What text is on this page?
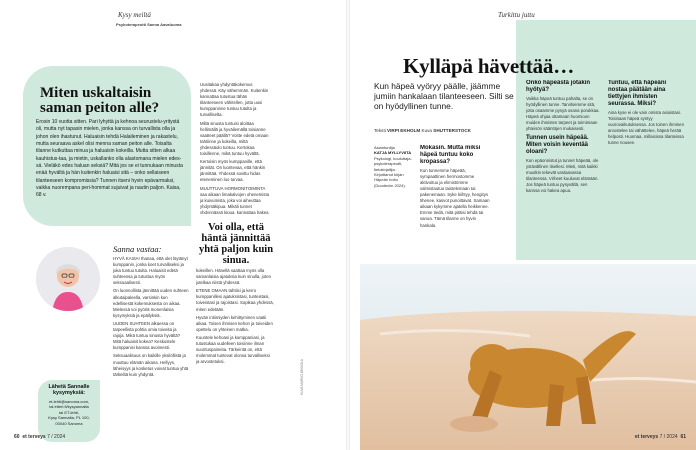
Kysy meiltä
Psykoterapeutti Sanna Aavaluoma
Miten uskaltaisin
saman peiton alle?
Erosin 10 vuotta sitten. Pari lyhyttä ja kehnoa seurustelu-yritystä oli, mutta nyt tapasin mielen, jonka kanssa on turvallista olla ja johon olen ihastunut. Haluaisin tehdä Halaileminen ja rakastelu, mutta seuraava askel olisi menna saman peiton alle. Toisalta tilanne kutkuttaa minua ja haluaisin kokeilla. Mutta sitten alkaa kauhistus-taa, ja mietin, uskallanko olla alastomana mielen edes-sä. Vieläkö edes haluan seksiä? Mitä jos se ei tunnukaan minusta enää hyvältä ja hän kuitenkin haluaisi sitä – onko sellaiseen tilanteeseen kompromissia? Tunnen itseni hyvin epävarmaksi, vaikka nuorempana peri-hommat sujuivat ja nautin paljon. Kaisa, 68 v.

Uusitakaa yhdyntäkokemus yhdessä. Käy vähemmän. Kuitenkin kannattaa tutustua tähän tilanteeseen vähitellen, jotta uusi kumppaninne tuntuu tutulta ja turvalliselta.

Miltä sinusta tuntuisi aloittaa hellimällä ja hyväilemällä toisianne vaatteet päällä? Voitte edetä omaan tahtiinne ja kokeilla, miltä yhdessäolo tuntuu. Kertokaa toisillenne, mikä tuntuu hyvältä.

Kertoisin myös kumppanille, että jännität. On luontevaa, että hänkin jännittää. Yhdessä sovittu hidas eteneminen luo turvaa.

MUUTTUVA HORMONITOIMINTA saa aikaan limakalvojen ohenemista ja kuivumista, joka voi aiheuttaa yhdyntäkipua. Mikäli tunnet yhdynnässä kipua, kannattaa hakea

Voi olla, että häntä jännittää yhtä paljon kuin sinua.
Sanna vastaa:

HYVÄ KAISA! Ihanaa, että olet löytänyt kumppanin, jonka koet turvalliseksi ja joka tuntuu tutulta. Haluaisit edetä suhteessa ja tutustua myös seksuaalisesti.

On luonnollista jännittää uuden suhteen alkutaipaleella, varsinkin kun edellisestä kokemuksesta on aikaa. Mielessä voi pyöriä monenlaisia kysymyksiä ja epäilyksiä.

UUDEN SUHTEEN alkaessa on tarpeellista pohtia omia toiveita ja rajoja. Mikä tuntuu sinusta hyvältä? Mitä haluaisit kokea? Keskustele kumppanisi kanssa avoimesti.

Seksuaalisuus on kaikille yksilöllistä ja muuttuu elämän aikana. Hellyys, läheisyys ja kosketus voivat tuntua yhtä tärkeiltä kuin yhdyntä.

kokeillen. Hänellä saattaa myös olla samanlaisia ajatuksia kuin sinulla, joten jutelkaa niistä yhdessä.

ETENE OMAAN tahtiisi ja kerro kumppanillesi ajatuksistasi, tunteistasi, toiveistasi ja rajoistasi. Sopikaa yhdessä, miten edetään.

Hyvän intiimiyden kehittyminen vaatii aikaa. Toisen ihmisen kehon ja toiveiden opettelu on yhteinen matka.

Kuuntele kehoasi ja kumppaniasi, ja tutustukaa uudelleen toisiinne ilman suorituspaineita. Tärkeintä on, että molemmat tuntevat olonsa turvalliseksi ja arvostetuksi.

Lähetä Sannalle kysymyksiä:
et-lehti@sanoma.com,
tai etteri.fi/kysyannalta
tai ET-lehti,
Kysy Sannalta, PL 100,
00040 Sanoma
KUVA MARKO MIKKOLA
60 et terveys 7 / 2024
Turkittu juttu
Kylläpä hävettää…
Kun häpeä vyöryy päälle, jäämme jumiin hankalaan tilanteeseen. Silti se on hyödyllinen tunne.
Teksti VIRPI EKHOLM Kuva SHUTTERSTOCK
Asiantuntija
KATJA MYLLYVIITA
Psykologi, kouluttaja-psykoterapeutti, tietokirjailija. Kirjoittanut kirjan Häpeän hoito (Duodecim 2024).

Mokasin. Mutta miksi häpeä tuntuu koko kropassa?

Kun tunnemme häpeää, sympaattinen hermostomme aktivoituu ja elimistömme valmistautuu taistelemaan tai pakenemaan. Syke kiihtyy, hengitys tihenee, kasvot punoittavat. Samaan aikaan kykymme ajatella heikkenee. Emme tiedä, mitä pitäisi tehdä tai sanoa. Tämä tilanne on hyvin hankala.

Onko häpeästä jotakin hyötyä?

Vaikka häpeä tuntuu pahalta, se on hyödyllinen tunne. Tarvitsemme sitä, jotta osaamme pysyä osana porukkaa. Häpeä ohjaa ottamaan huomioon muiden ihmisten tarpeet ja toimimaan yhteisön sääntöjen mukaisesti.

Tunnen usein häpeää. Miten voisin keventää oloani?

Kun epäonnistut ja tunnet häpeää, ole ystävällinen itsellesi. Mieti, mitä kaikki muutkin tekevät vastaavassa tilanteessa. Virheet kuuluvat elämään. Jos häpeä tuntuu pysyvältä, sen kanssa voi hakea apua.

Tuntuu, että häpeäni nostaa päätään aina tiettyjen ihmisten seurassa. Miksi?

Aina kyse ei ole vain omista asioistasi. Toisinaan häpeä syntyy vuorovaikutuksessa. Jos toinen ihminen arvostelee tai vähättelee, häpeä herää helposti. Huomaa, millaisissa tilanteissa tunne nousee.

et terveys 7 / 2024 61
